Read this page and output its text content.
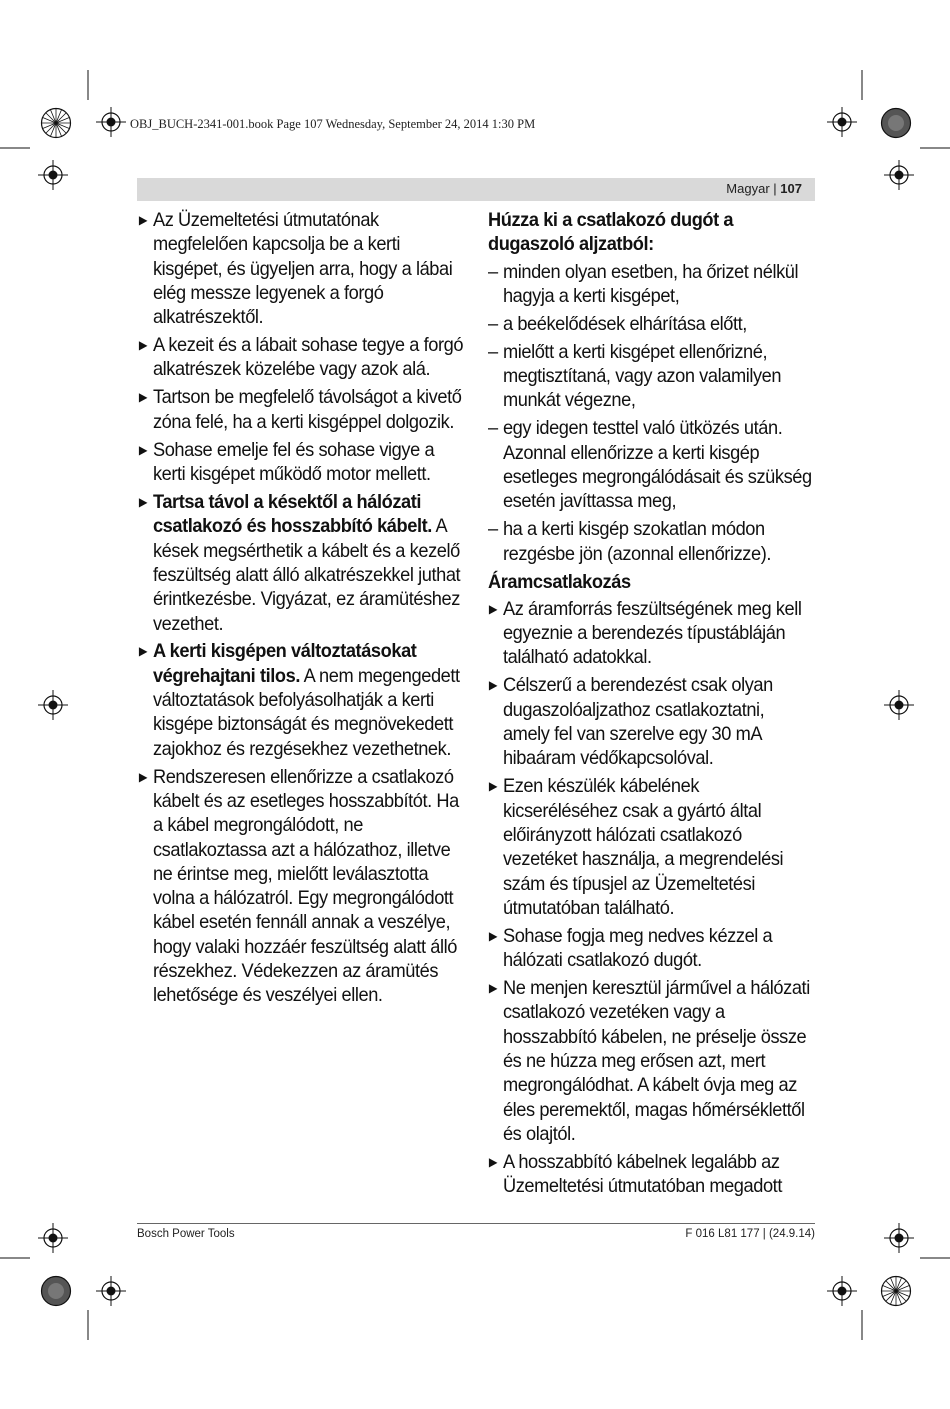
OBJ_BUCH-2341-001.book Page 107 Wednesday, September 24, 2014 1:30 PM
Magyar | 107
▶ Az Üzemeltetési útmutatónak megfelelően kapcsolja be a kerti kisgépet, és ügyeljen arra, hogy a lábai elég messze legyenek a forgó alkatrészektől.
▶ A kezeit és a lábait sohase tegye a forgó alkatrészek közelébe vagy azok alá.
▶ Tartson be megfelelő távolságot a kivető zóna felé, ha a kerti kisgéppel dolgozik.
▶ Sohase emelje fel és sohase vigye a kerti kisgépet működő motor mellett.
▶ Tartsa távol a késektől a hálózati csatlakozó és hosszabbító kábelt. A kések megsérthetik a kábelt és a kezelő feszültség alatt álló alkatrészekkel juthat érintkezésbe. Vigyázat, ez áramütéshez vezethet.
▶ A kerti kisgépen változtatásokat végrehajtani tilos. A nem megengedett változtatások befolyásolhatják a kerti kisgépe biztonságát és megnövekedett zajokhoz és rezgésekhez vezethetnek.
▶ Rendszeresen ellenőrizze a csatlakozó kábelt és az esetleges hosszabbítót. Ha a kábel megrongálódott, ne csatlakoztassa azt a hálózathoz, illetve ne érintse meg, mielőtt leválasztotta volna a hálózatról. Egy megrongálódott kábel esetén fennáll annak a veszélye, hogy valaki hozzáér feszültség alatt álló részekhez. Védekezzen az áramütés lehetősége és veszélyei ellen.
Húzza ki a csatlakozó dugót a dugaszoló aljzatból:
– minden olyan esetben, ha őrizet nélkül hagyja a kerti kisgépet,
– a beékelődések elhárítása előtt,
– mielőtt a kerti kisgépet ellenőrizné, megtisztítaná, vagy azon valamilyen munkát végezne,
– egy idegen testtel való ütközés után. Azonnal ellenőrizze a kerti kisgép esetleges megrongálódásait és szükség esetén javíttassa meg,
– ha a kerti kisgép szokatlan módon rezgésbe jön (azonnal ellenőrizze).
Áramcsatlakozás
▶ Az áramforrás feszültségének meg kell egyeznie a berendezés típustábláján található adatokkal.
▶ Célszerű a berendezést csak olyan dugaszolóaljzathoz csatlakoztatni, amely fel van szerelve egy 30 mA hibaáram védőkapcsolóval.
▶ Ezen készülék kábelének kicseréléséhez csak a gyártó által előirányzott hálózati csatlakozó vezetéket használja, a megrendelési szám és típusjel az Üzemeltetési útmutatóban található.
▶ Sohase fogja meg nedves kézzel a hálózati csatlakozó dugót.
▶ Ne menjen keresztül járművel a hálózati csatlakozó vezetéken vagy a hosszabbító kábelen, ne préselje össze és ne húzza meg erősen azt, mert megrongálódhat. A kábelt óvja meg az éles peremektől, magas hőmérséklettől és olajtól.
▶ A hosszabbító kábelnek legalább az Üzemeltetési útmutatóban megadott
Bosch Power Tools	F 016 L81 177 | (24.9.14)
